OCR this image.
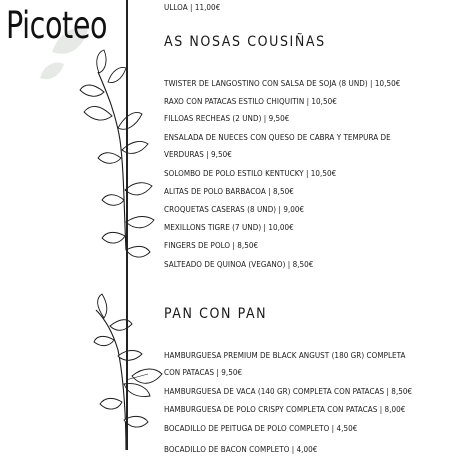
Picoteo	ULLOA | 11,00€

AS NOSAS COUSIÑAS

TWISTER DE LANGOSTINO CON SALSA DE SOJA (8 UND) | 10,50€

RAXO CON PATACAS ESTILO CHIQUITIN | 10,50€

FILLOAS RECHEAS (2 UND) | 9,50€

ENSALADA DE NUECES CON QUESO DE CABRA Y TEMPURA DE VERDURAS | 9,50€

SOLOMBO DE POLO ESTILO KENTUCKY | 10,50€

ALITAS DE POLO BARBACOA | 8,50€

CROQUETAS CASERAS (8 UND) | 9,00€

MEXILLONS TIGRE (7 UND) | 10,00€

FINGERS DE POLO | 8,50€

SALTEADO DE QUINOA (VEGANO) | 8,50€

PAN CON PAN

HAMBURGUESA PREMIUM DE BLACK ANGUST (180 GR) COMPLETA CON PATACAS | 9,50€

HAMBURGUESA DE VACA (140 GR) COMPLETA CON PATACAS | 8,50€

HAMBURGUESA DE POLO CRISPY COMPLETA CON PATACAS | 8,00€

BOCADILLO DE PEITUGA DE POLO COMPLETO | 4,50€

BOCADILLO DE BACON COMPLETO | 4,00€
